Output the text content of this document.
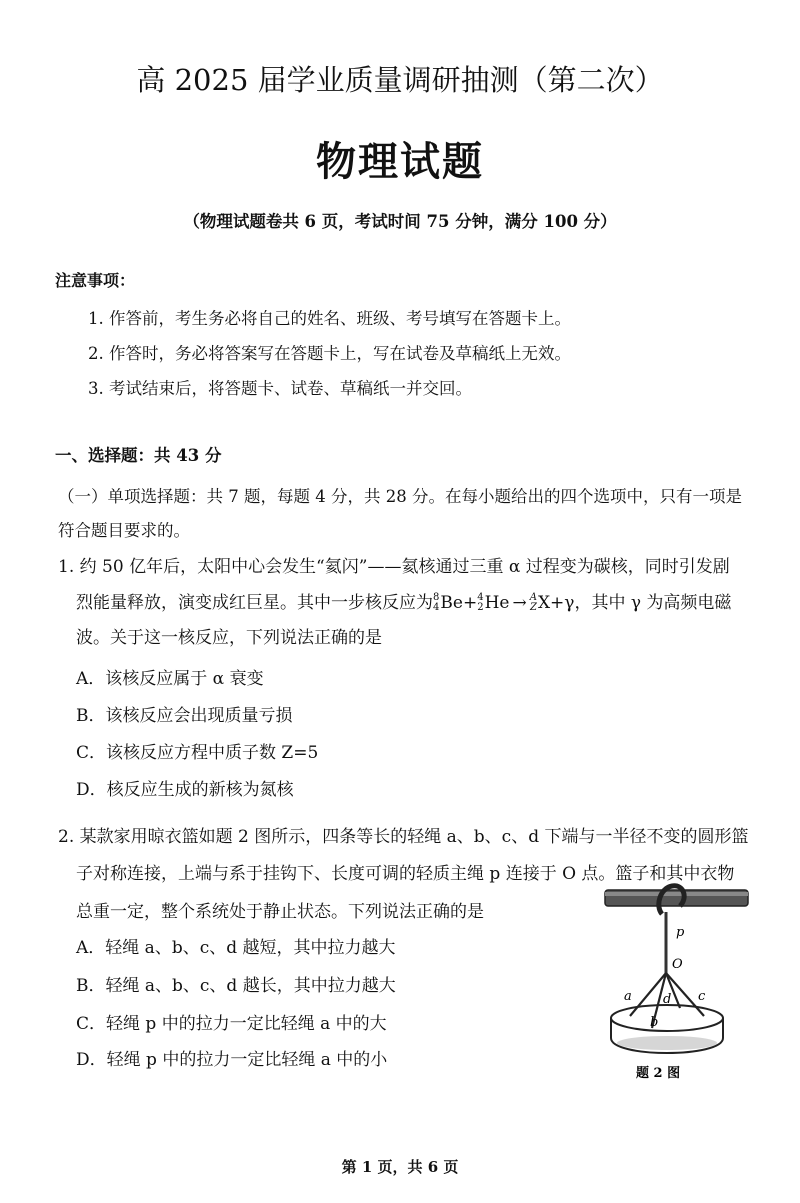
高 2025 届学业质量调研抽测（第二次）
物理试题
（物理试题卷共 6 页，考试时间 75 分钟，满分 100 分）
注意事项：
1. 作答前，考生务必将自己的姓名、班级、考号填写在答题卡上。
2. 作答时，务必将答案写在答题卡上，写在试卷及草稿纸上无效。
3. 考试结束后，将答题卡、试卷、草稿纸一并交回。
一、选择题：共 43 分
（一）单项选择题：共 7 题，每题 4 分，共 28 分。在每小题给出的四个选项中，只有一项是
符合题目要求的。
1. 约 50 亿年后，太阳中心会发生“氦闪”——氦核通过三重 α 过程变为碳核，同时引发剧
烈能量释放，演变成红巨星。其中一步核反应为 8
4 Be+ 4
2 He → A
Z X+γ，其中 γ 为高频电磁
波。关于这一核反应，下列说法正确的是
A．该核反应属于 α 衰变
B．该核反应会出现质量亏损
C．该核反应方程中质子数 Z=5
D．核反应生成的新核为氮核
2. 某款家用晾衣篮如题 2 图所示，四条等长的轻绳 a、b、c、d 下端与一半径不变的圆形篮
子对称连接，上端与系于挂钩下、长度可调的轻质主绳 p 连接于 O 点。篮子和其中衣物
总重一定，整个系统处于静止状态。下列说法正确的是
A．轻绳 a、b、c、d 越短，其中拉力越大
B．轻绳 a、b、c、d 越长，其中拉力越大
C．轻绳 p 中的拉力一定比轻绳 a 中的大
D．轻绳 p 中的拉力一定比轻绳 a 中的小
p
O
a
b
c
d
题 2 图
第 1 页，共 6 页
